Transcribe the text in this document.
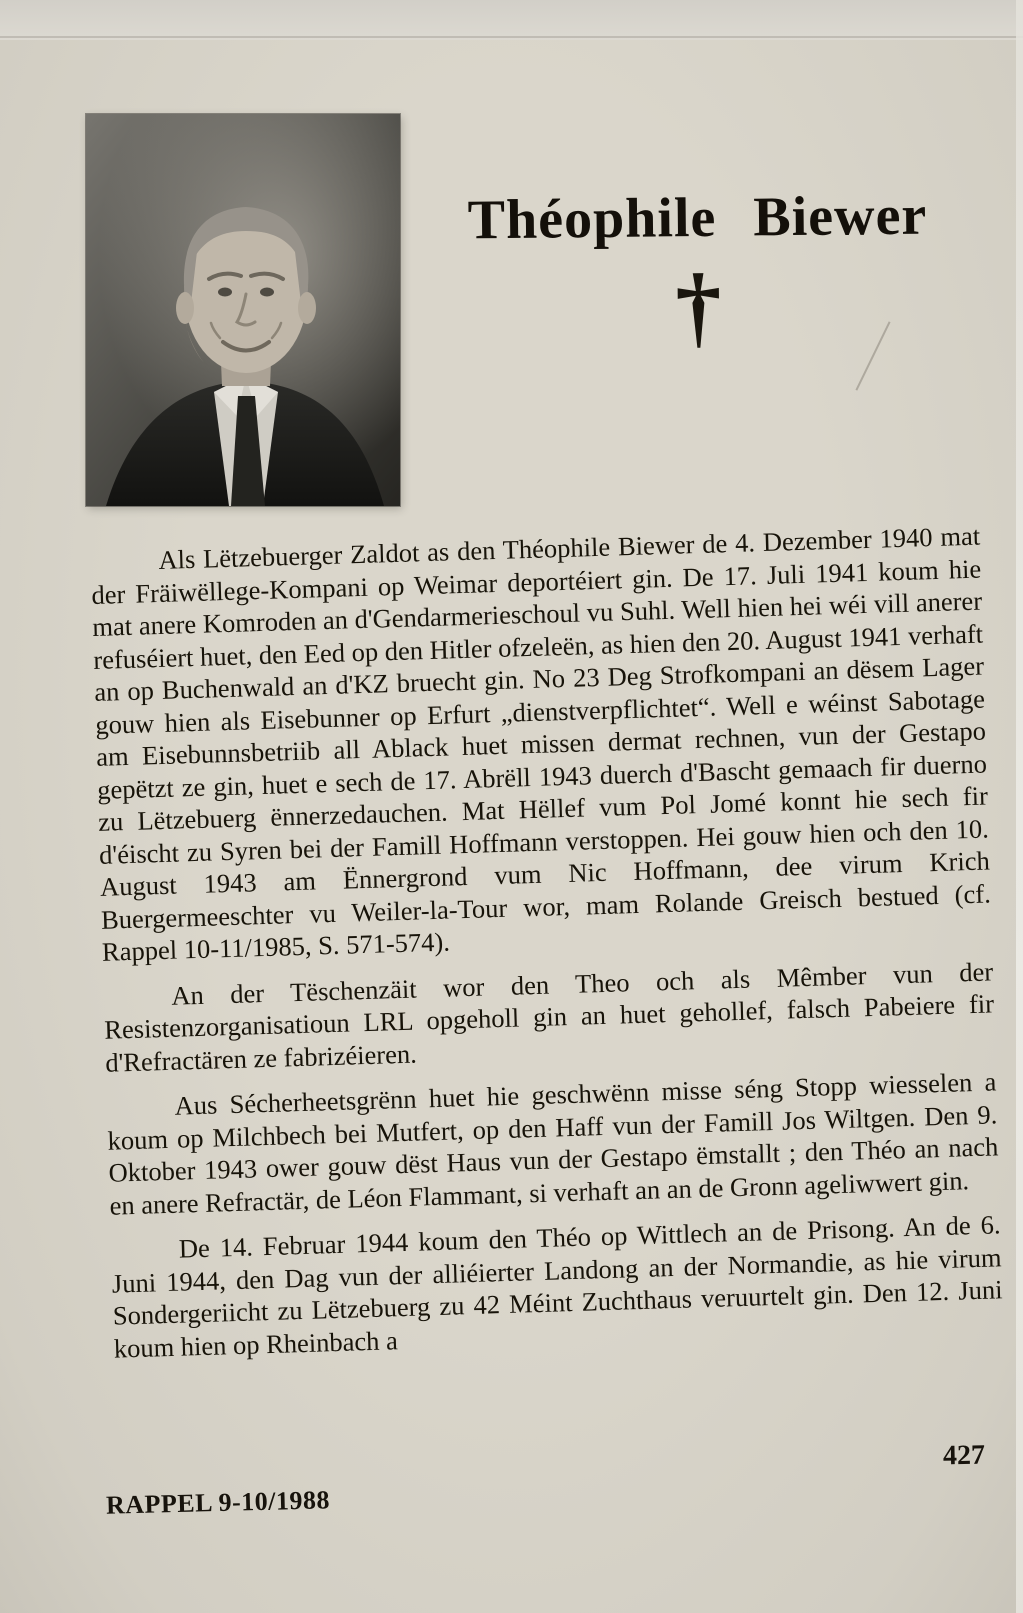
Théophile Biewer
†

Als Lëtzebuerger Zaldot as den Théophile Biewer de 4. Dezember 1940 mat der Fräiwëllege-Kompani op Weimar deportéiert gin. De 17. Juli 1941 koum hie mat anere Komroden an d'Gendarmerieschoul vu Suhl. Well hien hei wéi vill anerer refuséiert huet, den Eed op den Hitler ofzeleën, as hien den 20. August 1941 verhaft an op Buchenwald an d'KZ bruecht gin. No 23 Deg Strofkompani an dësem Lager gouw hien als Eisebunner op Erfurt „dienstverpflichtet“. Well e wéinst Sabotage am Eisebunnsbetriib all Ablack huet missen dermat rechnen, vun der Gestapo gepëtzt ze gin, huet e sech de 17. Abrëll 1943 duerch d'Bascht gemaach fir duerno zu Lëtzebuerg ënnerzedauchen. Mat Hëllef vum Pol Jomé konnt hie sech fir d'éischt zu Syren bei der Famill Hoffmann verstoppen. Hei gouw hien och den 10. August 1943 am Ënnergrond vum Nic Hoffmann, dee virum Krich Buergermeeschter vu Weiler-la-Tour wor, mam Rolande Greisch bestued (cf. Rappel 10-11/1985, S. 571-574).

An der Tëschenzäit wor den Theo och als Mêmber vun der Resistenzorganisatioun LRL opgeholl gin an huet gehollef, falsch Pabeiere fir d'Refractären ze fabrizéieren.

Aus Sécherheetsgrënn huet hie geschwënn misse séng Stopp wiesselen a koum op Milchbech bei Mutfert, op den Haff vun der Famill Jos Wiltgen. Den 9. Oktober 1943 ower gouw dëst Haus vun der Gestapo ëmstallt ; den Théo an nach en anere Refractär, de Léon Flammant, si verhaft an an de Gronn ageliwwert gin.

De 14. Februar 1944 koum den Théo op Wittlech an de Prisong. An de 6. Juni 1944, den Dag vun der alliéierter Landong an der Normandie, as hie virum Sondergeriicht zu Lëtzebuerg zu 42 Méint Zuchthaus veruurtelt gin. Den 12. Juni koum hien op Rheinbach a

427
RAPPEL 9-10/1988
